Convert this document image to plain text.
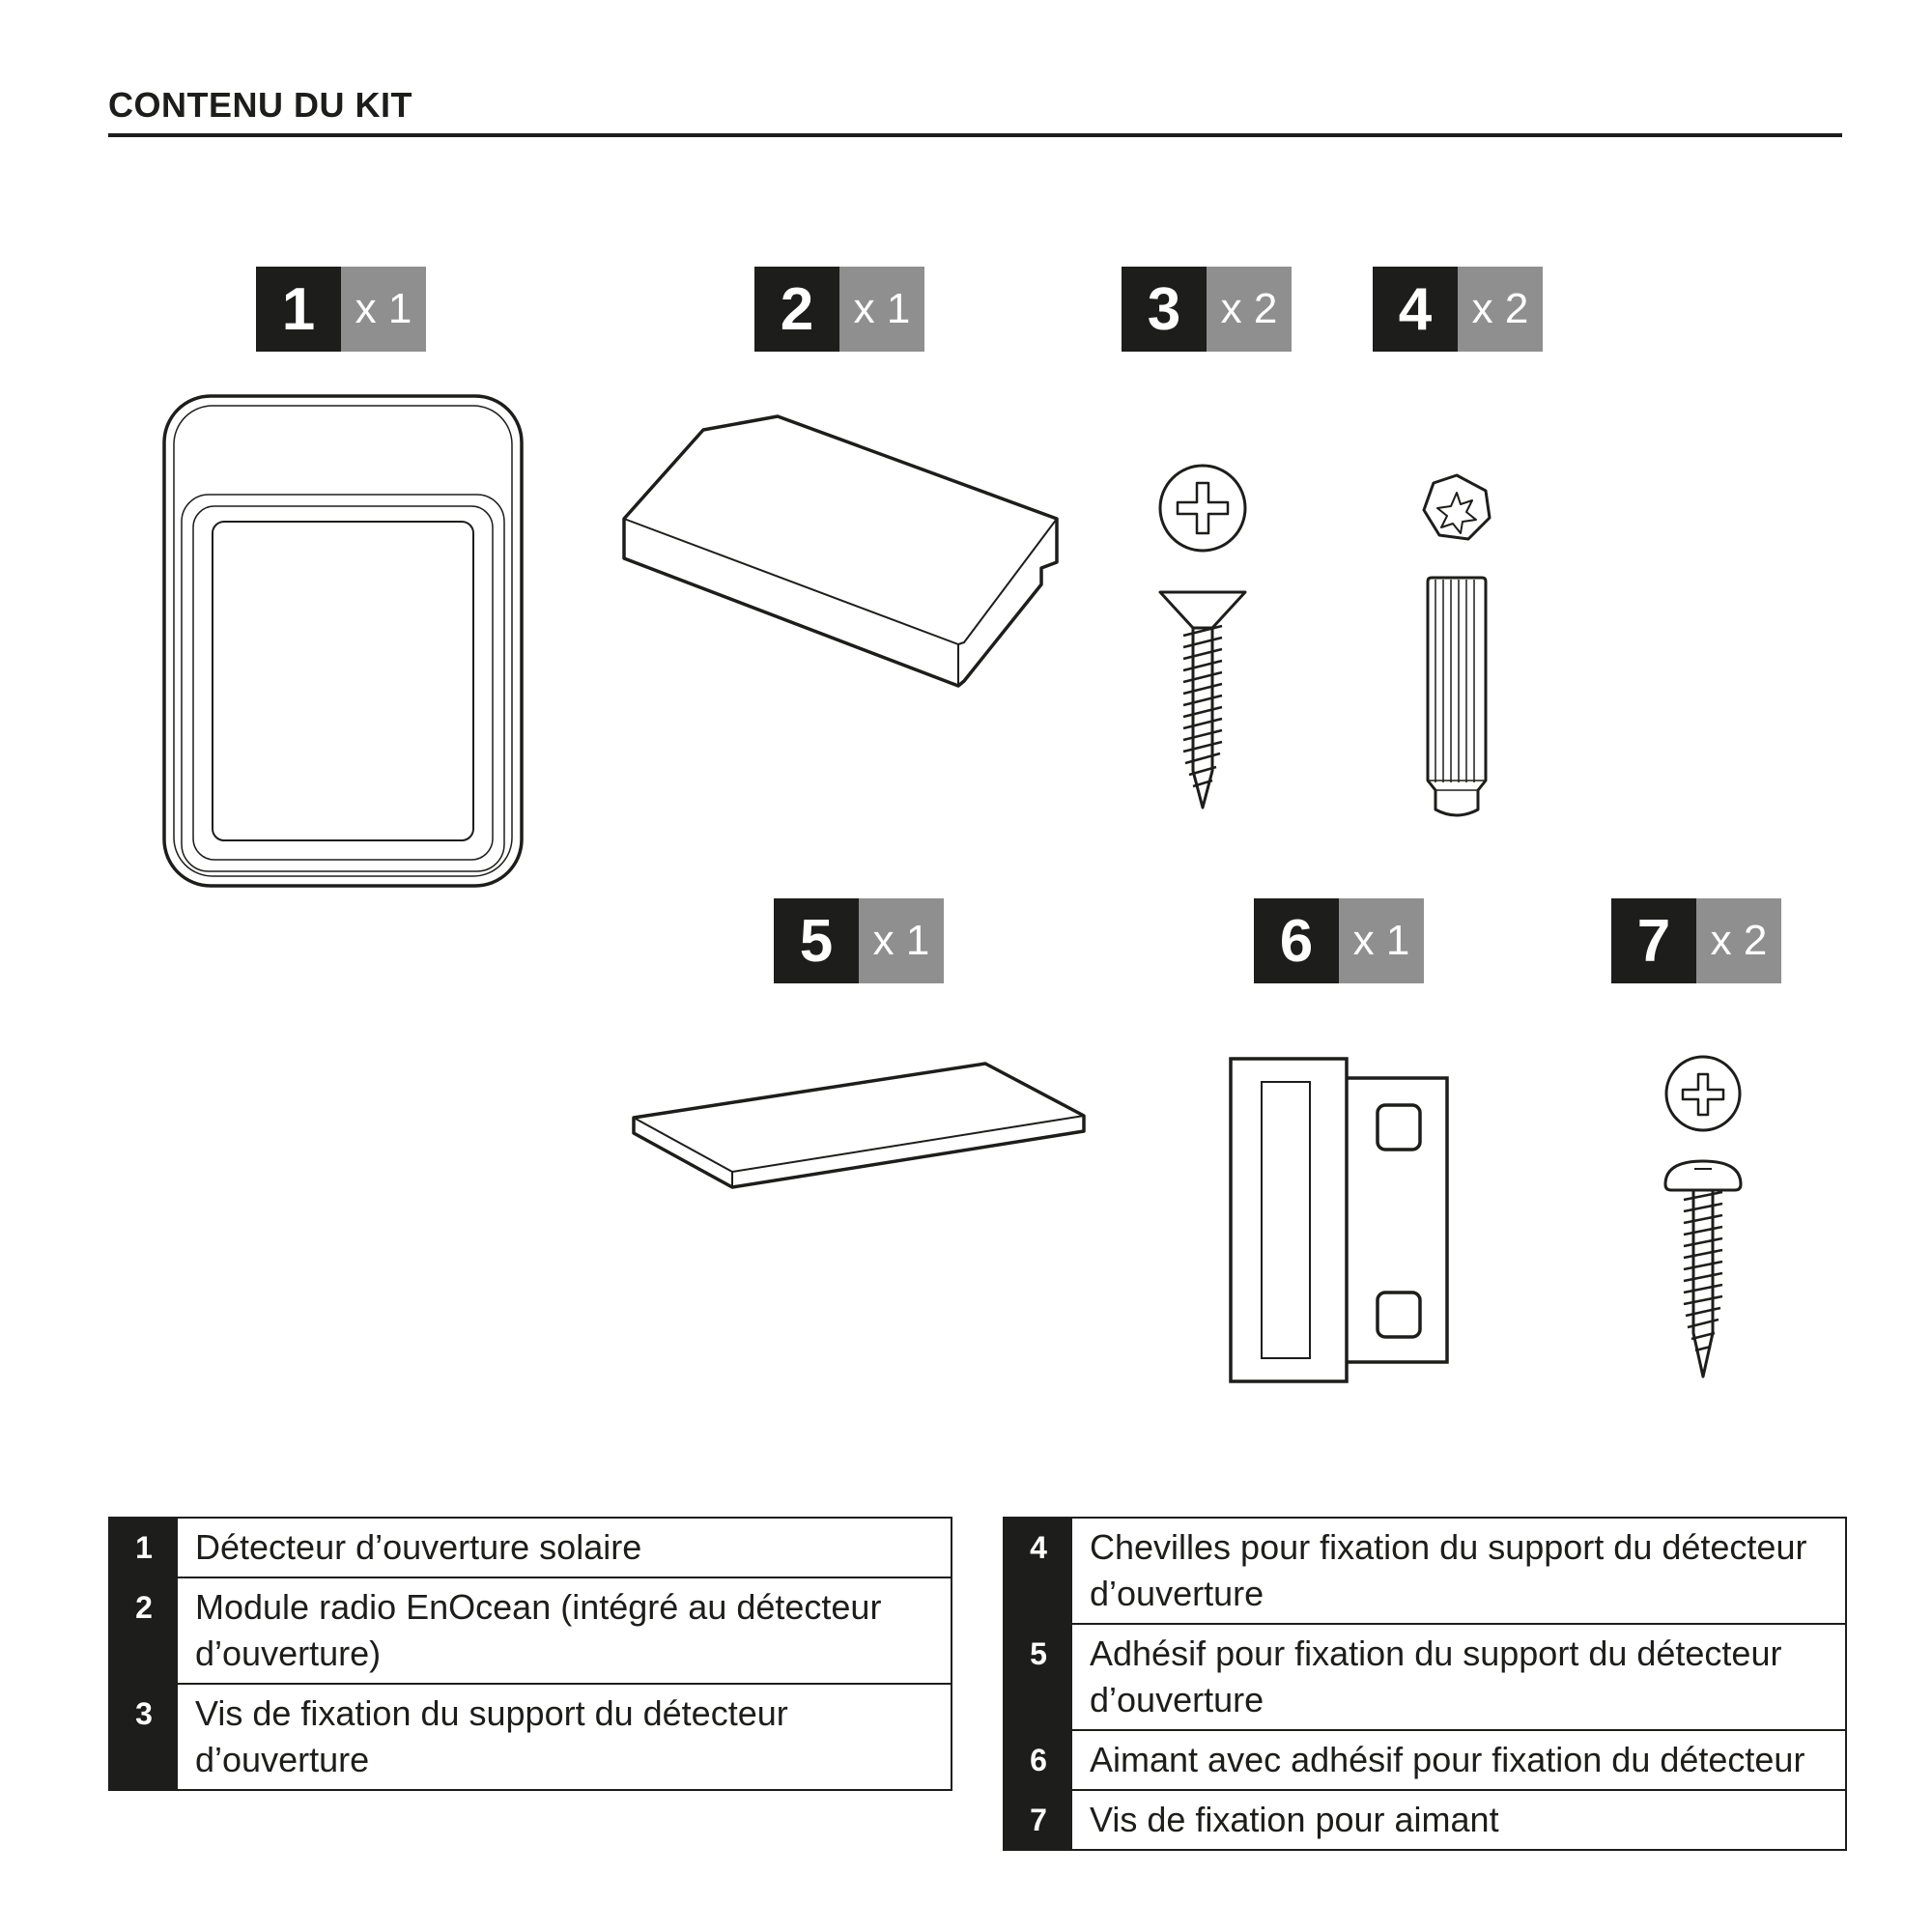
CONTENU DU KIT
1 x 1	2 x 1	3 x 2	4 x 2
5 x 1	6 x 1	7 x 2
1	Détecteur d’ouverture solaire
2	Module radio EnOcean (intégré au détecteur d’ouverture)
3	Vis de fixation du support du détecteur d’ouverture
4	Chevilles pour fixation du support du détecteur d’ouverture
5	Adhésif pour fixation du support du détecteur d’ouverture
6	Aimant avec adhésif pour fixation du détecteur
7	Vis de fixation pour aimant
